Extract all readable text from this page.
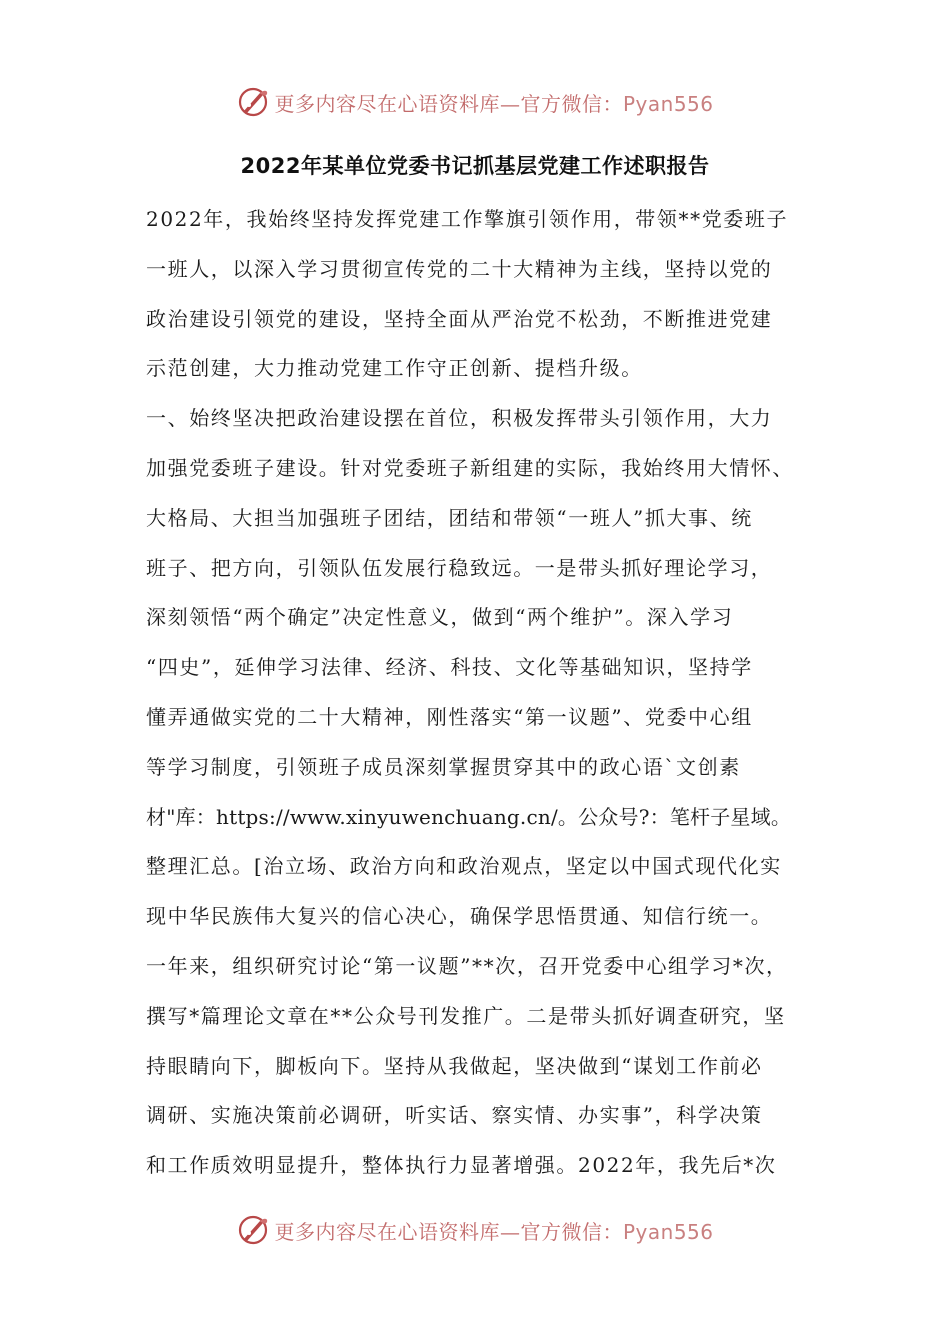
更多内容尽在心语资料库—官方微信：Pyan556
2022年某单位党委书记抓基层党建工作述职报告
2022年，我始终坚持发挥党建工作擎旗引领作用，带领**党委班子
一班人，以深入学习贯彻宣传党的二十大精神为主线，坚持以党的
政治建设引领党的建设，坚持全面从严治党不松劲，不断推进党建
示范创建，大力推动党建工作守正创新、提档升级。
一、始终坚决把政治建设摆在首位，积极发挥带头引领作用，大力
加强党委班子建设。针对党委班子新组建的实际，我始终用大情怀、
大格局、大担当加强班子团结，团结和带领“一班人”抓大事、统
班子、把方向，引领队伍发展行稳致远。一是带头抓好理论学习，
深刻领悟“两个确定”决定性意义，做到“两个维护”。深入学习
“四史”，延伸学习法律、经济、科技、文化等基础知识，坚持学
懂弄通做实党的二十大精神，刚性落实“第一议题”、党委中心组
等学习制度，引领班子成员深刻掌握贯穿其中的政心语`文创素
材"库：https://www.xinyuwenchuang.cn/。公众号?：笔杆子星域。
整理汇总。[治立场、政治方向和政治观点，坚定以中国式现代化实
现中华民族伟大复兴的信心决心，确保学思悟贯通、知信行统一。
一年来，组织研究讨论“第一议题”**次，召开党委中心组学习*次，
撰写*篇理论文章在**公众号刊发推广。二是带头抓好调查研究，坚
持眼睛向下，脚板向下。坚持从我做起，坚决做到“谋划工作前必
调研、实施决策前必调研，听实话、察实情、办实事”，科学决策
和工作质效明显提升，整体执行力显著增强。2022年，我先后*次
更多内容尽在心语资料库—官方微信：Pyan556
